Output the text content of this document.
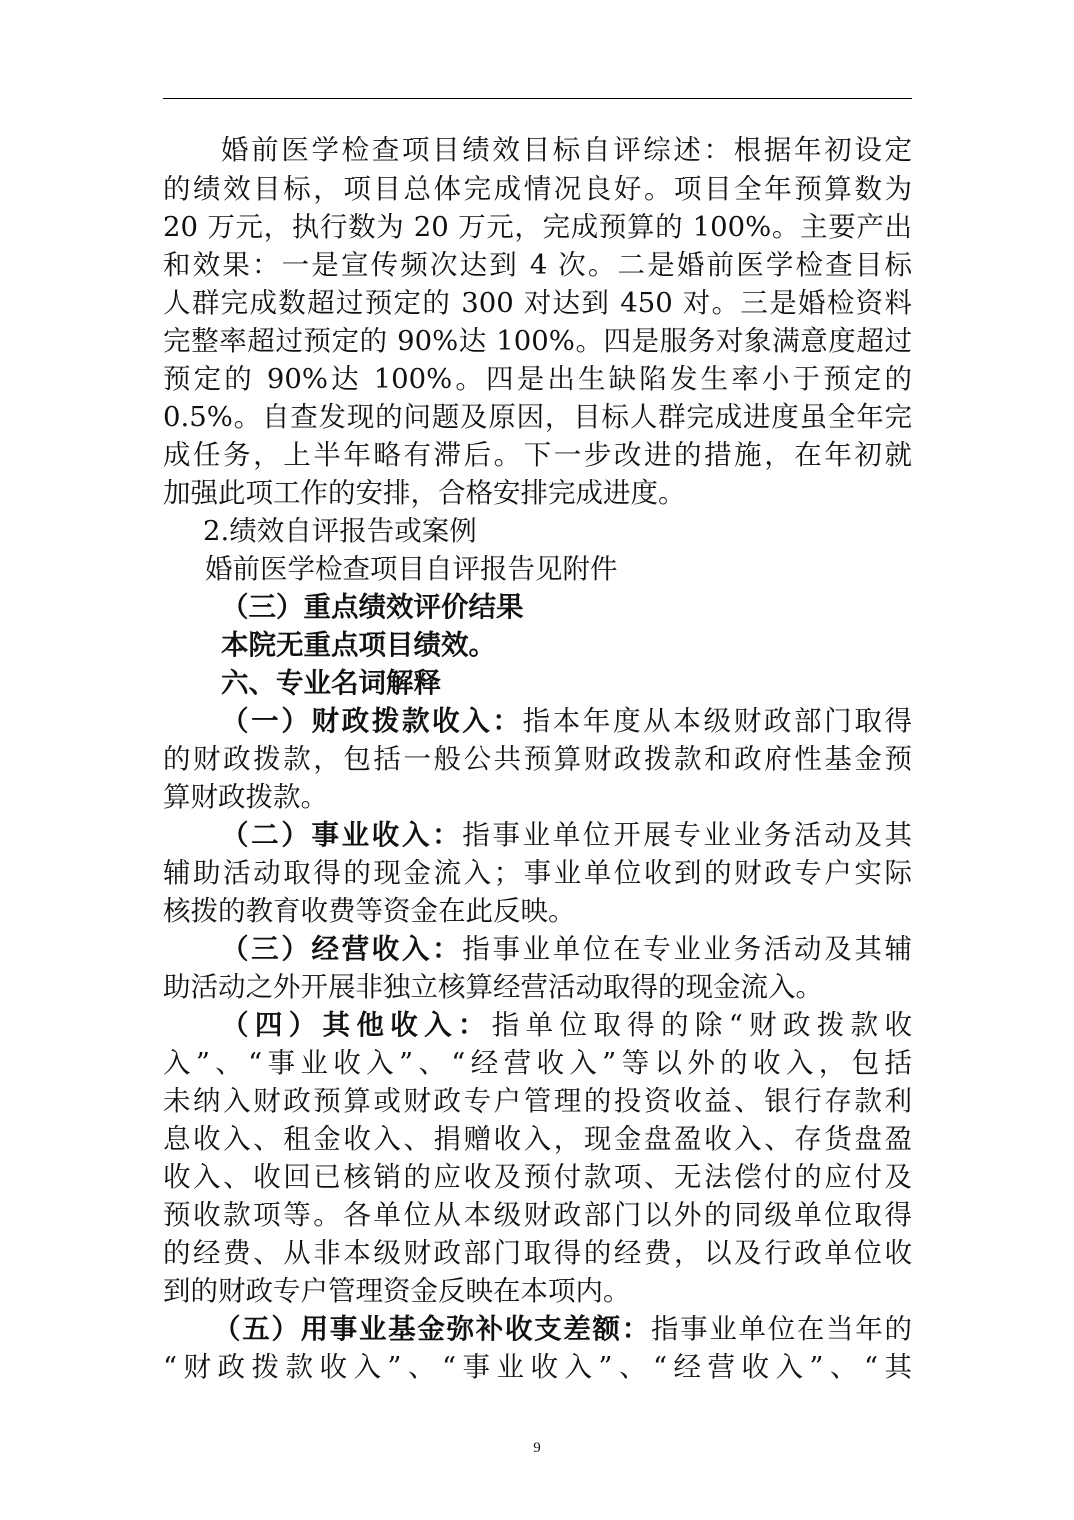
婚前医学检查项目绩效目标自评综述：根据年初设定
的绩效目标，项目总体完成情况良好。项目全年预算数为
20 万元，执行数为 20 万元，完成预算的 100%。主要产出
和效果：一是宣传频次达到 4 次。二是婚前医学检查目标
人群完成数超过预定的 300 对达到 450 对。三是婚检资料
完整率超过预定的 90%达 100%。四是服务对象满意度超过
预定的 90%达 100%。四是出生缺陷发生率小于预定的
0.5%。自查发现的问题及原因，目标人群完成进度虽全年完
成任务，上半年略有滞后。下一步改进的措施，在年初就
加强此项工作的安排，合格安排完成进度。
2.绩效自评报告或案例
婚前医学检查项目自评报告见附件
（三）重点绩效评价结果
本院无重点项目绩效。
六、专业名词解释
（一）财政拨款收入：指本年度从本级财政部门取得
的财政拨款，包括一般公共预算财政拨款和政府性基金预
算财政拨款。
（二）事业收入：指事业单位开展专业业务活动及其
辅助活动取得的现金流入；事业单位收到的财政专户实际
核拨的教育收费等资金在此反映。
（三）经营收入：指事业单位在专业业务活动及其辅
助活动之外开展非独立核算经营活动取得的现金流入。
（四）其他收入：指单位取得的除“财政拨款收
入”、“事业收入”、“经营收入”等以外的收入，包括
未纳入财政预算或财政专户管理的投资收益、银行存款利
息收入、租金收入、捐赠收入，现金盘盈收入、存货盘盈
收入、收回已核销的应收及预付款项、无法偿付的应付及
预收款项等。各单位从本级财政部门以外的同级单位取得
的经费、从非本级财政部门取得的经费，以及行政单位收
到的财政专户管理资金反映在本项内。
（五）用事业基金弥补收支差额：指事业单位在当年的
“财政拨款收入”、“事业收入”、“经营收入”、“其
9
